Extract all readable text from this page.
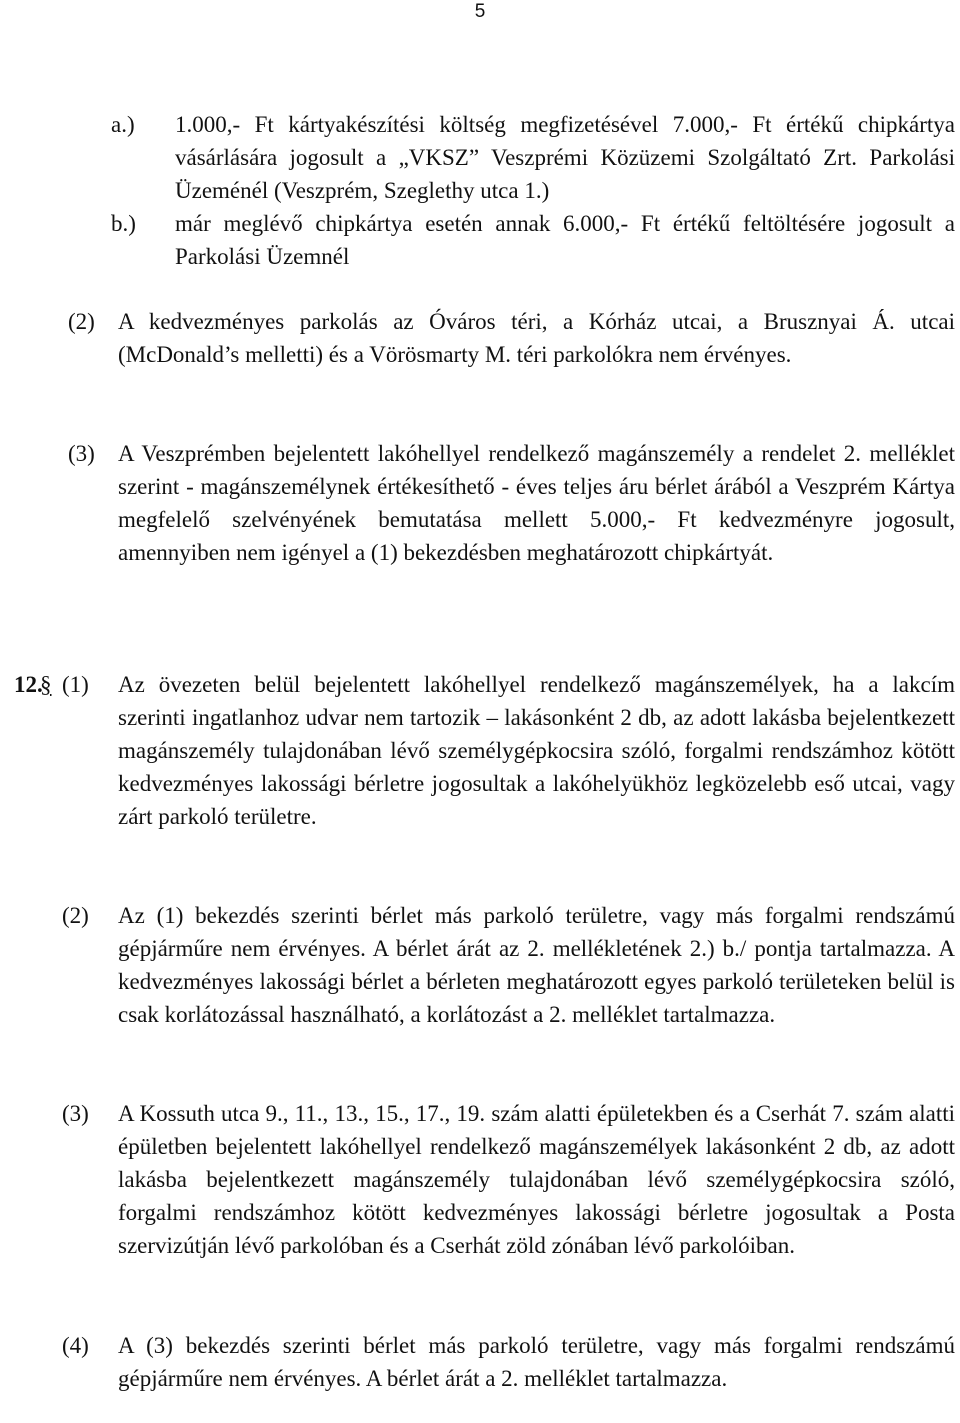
5
a.) 1.000,- Ft kártyakészítési költség megfizetésével 7.000,- Ft értékű chipkártya vásárlására jogosult a „VKSZ” Veszprémi Közüzemi Szolgáltató Zrt. Parkolási Üzeménél (Veszprém, Szeglethy utca 1.)

b.) már meglévő chipkártya esetén annak 6.000,- Ft értékű feltöltésére jogosult a Parkolási Üzemnél

(2) A kedvezményes parkolás az Óváros téri, a Kórház utcai, a Brusznyai Á. utcai (McDonald’s melletti) és a Vörösmarty M. téri parkolókra nem érvényes.

(3) A Veszprémben bejelentett lakóhellyel rendelkező magánszemély a rendelet 2. melléklet szerint - magánszemélynek értékesíthető - éves teljes áru bérlet árából a Veszprém Kártya megfelelő szelvényének bemutatása mellett 5.000,- Ft kedvezményre jogosult, amennyiben nem igényel a (1) bekezdésben meghatározott chipkártyát.

12.
§ (1) Az övezeten belül bejelentett lakóhellyel rendelkező magánszemélyek, ha a lakcím szerinti ingatlanhoz udvar nem tartozik – lakásonként 2 db, az adott lakásba bejelentkezett magánszemély tulajdonában lévő személygépkocsira szóló, forgalmi rendszámhoz kötött kedvezményes lakossági bérletre jogosultak a lakóhelyükhöz legközelebb eső utcai, vagy zárt parkoló területre.

(2) Az (1) bekezdés szerinti bérlet más parkoló területre, vagy más forgalmi rendszámú gépjárműre nem érvényes. A bérlet árát az 2. mellékletének 2.) b./ pontja tartalmazza. A kedvezményes lakossági bérlet a bérleten meghatározott egyes parkoló területeken belül is csak korlátozással használható, a korlátozást a 2. melléklet tartalmazza.

(3) A Kossuth utca 9., 11., 13., 15., 17., 19. szám alatti épületekben és a Cserhát 7. szám alatti épületben bejelentett lakóhellyel rendelkező magánszemélyek lakásonként 2 db, az adott lakásba bejelentkezett magánszemély tulajdonában lévő személygépkocsira szóló, forgalmi rendszámhoz kötött kedvezményes lakossági bérletre jogosultak a Posta szervizútján lévő parkolóban és a Cserhát zöld zónában lévő parkolóiban.

(4) A (3) bekezdés szerinti bérlet más parkoló területre, vagy más forgalmi rendszámú gépjárműre nem érvényes. A bérlet árát a 2. melléklet tartalmazza.
